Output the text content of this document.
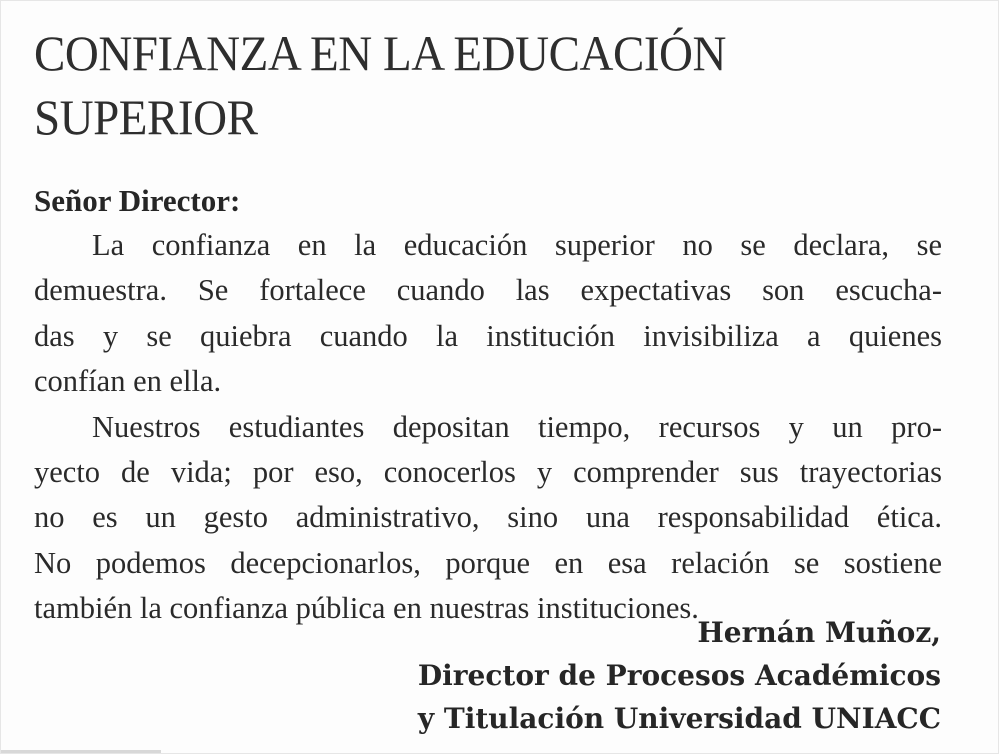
CONFIANZA EN LA EDUCACIÓN
SUPERIOR

Señor Director:

La confianza en la educación superior no se declara, se
demuestra. Se fortalece cuando las expectativas son escucha-
das y se quiebra cuando la institución invisibiliza a quienes
confían en ella.
Nuestros estudiantes depositan tiempo, recursos y un pro-
yecto de vida; por eso, conocerlos y comprender sus trayectorias
no es un gesto administrativo, sino una responsabilidad ética.
No podemos decepcionarlos, porque en esa relación se sostiene
también la confianza pública en nuestras instituciones.
Hernán Muñoz,
Director de Procesos Académicos
y Titulación Universidad UNIACC
